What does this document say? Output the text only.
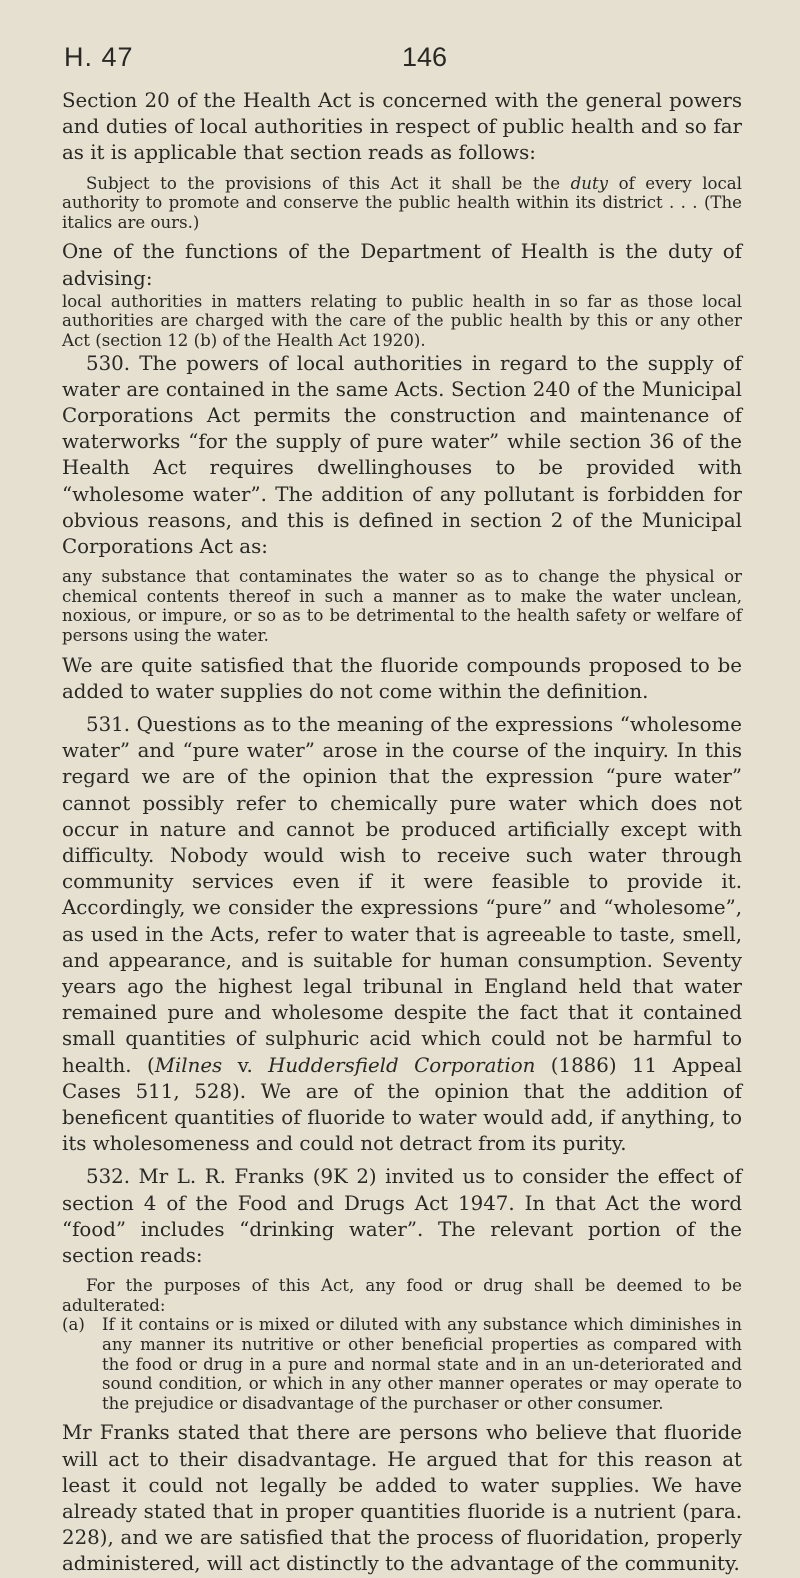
H. 47	146

Section 20 of the Health Act is concerned with the general powers and duties of local authorities in respect of public health and so far as it is applicable that section reads as follows:

Subject to the provisions of this Act it shall be the duty of every local authority to promote and conserve the public health within its district . . . (The italics are ours.)

One of the functions of the Department of Health is the duty of advising:

local authorities in matters relating to public health in so far as those local authorities are charged with the care of the public health by this or any other Act (section 12 (b) of the Health Act 1920).

530. The powers of local authorities in regard to the supply of water are contained in the same Acts. Section 240 of the Municipal Corporations Act permits the construction and maintenance of waterworks “for the supply of pure water” while section 36 of the Health Act requires dwellinghouses to be provided with “wholesome water”. The addition of any pollutant is forbidden for obvious reasons, and this is defined in section 2 of the Municipal Corporations Act as:

any substance that contaminates the water so as to change the physical or chemical contents thereof in such a manner as to make the water unclean, noxious, or impure, or so as to be detrimental to the health safety or welfare of persons using the water.

We are quite satisfied that the fluoride compounds proposed to be added to water supplies do not come within the definition.

531. Questions as to the meaning of the expressions “wholesome water” and “pure water” arose in the course of the inquiry. In this regard we are of the opinion that the expression “pure water” cannot possibly refer to chemically pure water which does not occur in nature and cannot be produced artificially except with difficulty. Nobody would wish to receive such water through community services even if it were feasible to provide it. Accordingly, we consider the expressions “pure” and “wholesome”, as used in the Acts, refer to water that is agreeable to taste, smell, and appearance, and is suitable for human consumption. Seventy years ago the highest legal tribunal in England held that water remained pure and wholesome despite the fact that it contained small quantities of sulphuric acid which could not be harmful to health. (Milnes v. Huddersfield Corporation (1886) 11 Appeal Cases 511, 528). We are of the opinion that the addition of beneficent quantities of fluoride to water would add, if anything, to its wholesomeness and could not detract from its purity.

532. Mr L. R. Franks (9K 2) invited us to consider the effect of section 4 of the Food and Drugs Act 1947. In that Act the word “food” includes “drinking water”. The relevant portion of the section reads:

For the purposes of this Act, any food or drug shall be deemed to be adulterated:

(a)	If it contains or is mixed or diluted with any substance which diminishes in any manner its nutritive or other beneficial properties as compared with the food or drug in a pure and normal state and in an un-deteriorated and sound condition, or which in any other manner operates or may operate to the prejudice or disadvantage of the purchaser or other consumer.

Mr Franks stated that there are persons who believe that fluoride will act to their disadvantage. He argued that for this reason at least it could not legally be added to water supplies. We have already stated that in proper quantities fluoride is a nutrient (para. 228), and we are satisfied that the process of fluoridation, properly administered, will act distinctly to the advantage of the community.
